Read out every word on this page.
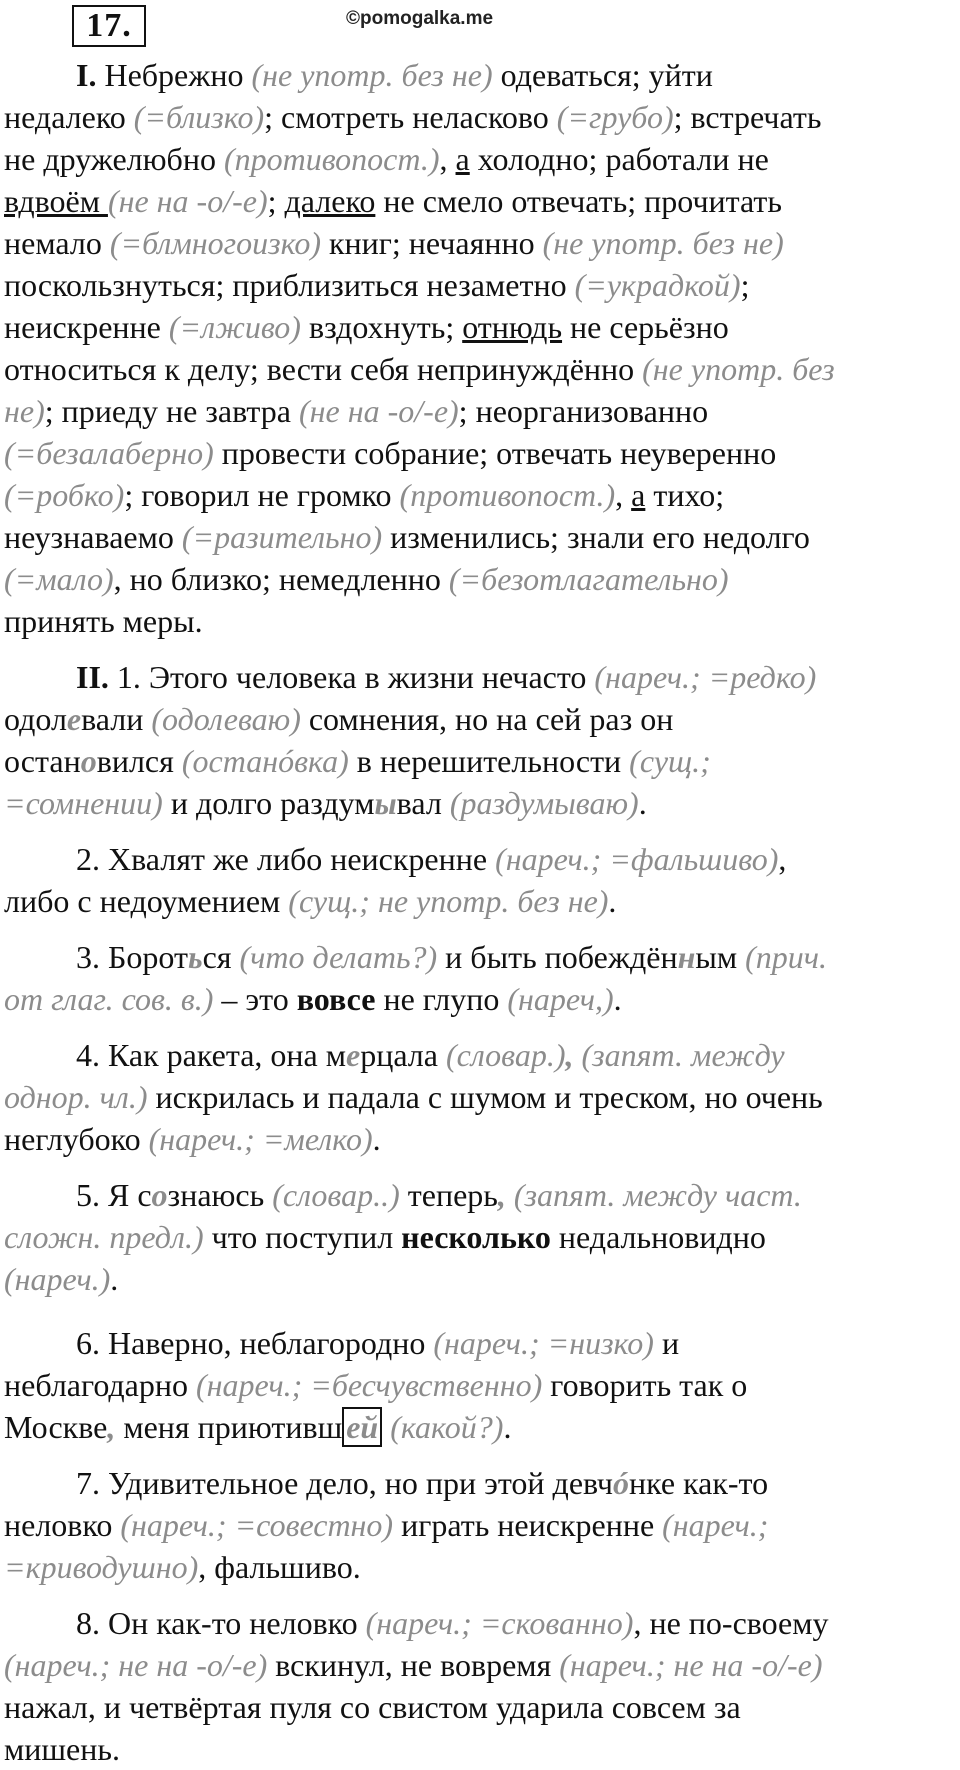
17.	©pomogalka.me

I. Небрежно (не употр. без не) одеваться; уйти
недалеко (=близко); смотреть неласково (=грубо); встречать
не дружелюбно (противопост.), а холодно; работали не
вдвоём (не на -о/-е); далеко не смело отвечать; прочитать
немало (=блмногоизко) книг; нечаянно (не употр. без не)
поскользнуться; приблизиться незаметно (=украдкой);
неискренне (=лживо) вздохнуть; отнюдь не серьёзно
относиться к делу; вести себя непринуждённо (не употр. без
не); приеду не завтра (не на -о/-е); неорганизованно
(=безалаберно) провести собрание; отвечать неуверенно
(=робко); говорил не громко (противопост.), а тихо;
неузнаваемо (=разительно) изменились; знали его недолго
(=мало), но близко; немедленно (=безотлагательно)
принять меры.

II. 1. Этого человека в жизни нечасто (нареч.; =редко)
одолевали (одолеваю) сомнения, но на сей раз он
остановился (останóвка) в нерешительности (сущ.;
=сомнении) и долго раздумывал (раздумываю).

2. Хвалят же либо неискренне (нареч.; =фальшиво),
либо с недоумением (сущ.; не употр. без не).

3. Бороться (что делать?) и быть побеждённым (прич.
от глаг. сов. в.) – это вовсе не глупо (нареч,).

4. Как ракета, она мерцала (словар.), (запят. между
однор. чл.) искрилась и падала с шумом и треском, но очень
неглубоко (нареч.; =мелко).

5. Я сознаюсь (словар..) теперь, (запят. между част.
сложн. предл.) что поступил несколько недальновидно
(нареч.).

6. Наверно, неблагородно (нареч.; =низко) и
неблагодарно (нареч.; =бесчувственно) говорить так о
Москве, меня приютивш ей (какой?).

7. Удивительное дело, но при этой девчóнке как-то
неловко (нареч.; =совестно) играть неискренне (нареч.;
=криводушно), фальшиво.

8. Он как-то неловко (нареч.; =скованно), не по-своему
(нареч.; не на -о/-е) вскинул, не вовремя (нареч.; не на -о/-е)
нажал, и четвёртая пуля со свистом ударила совсем за
мишень.
